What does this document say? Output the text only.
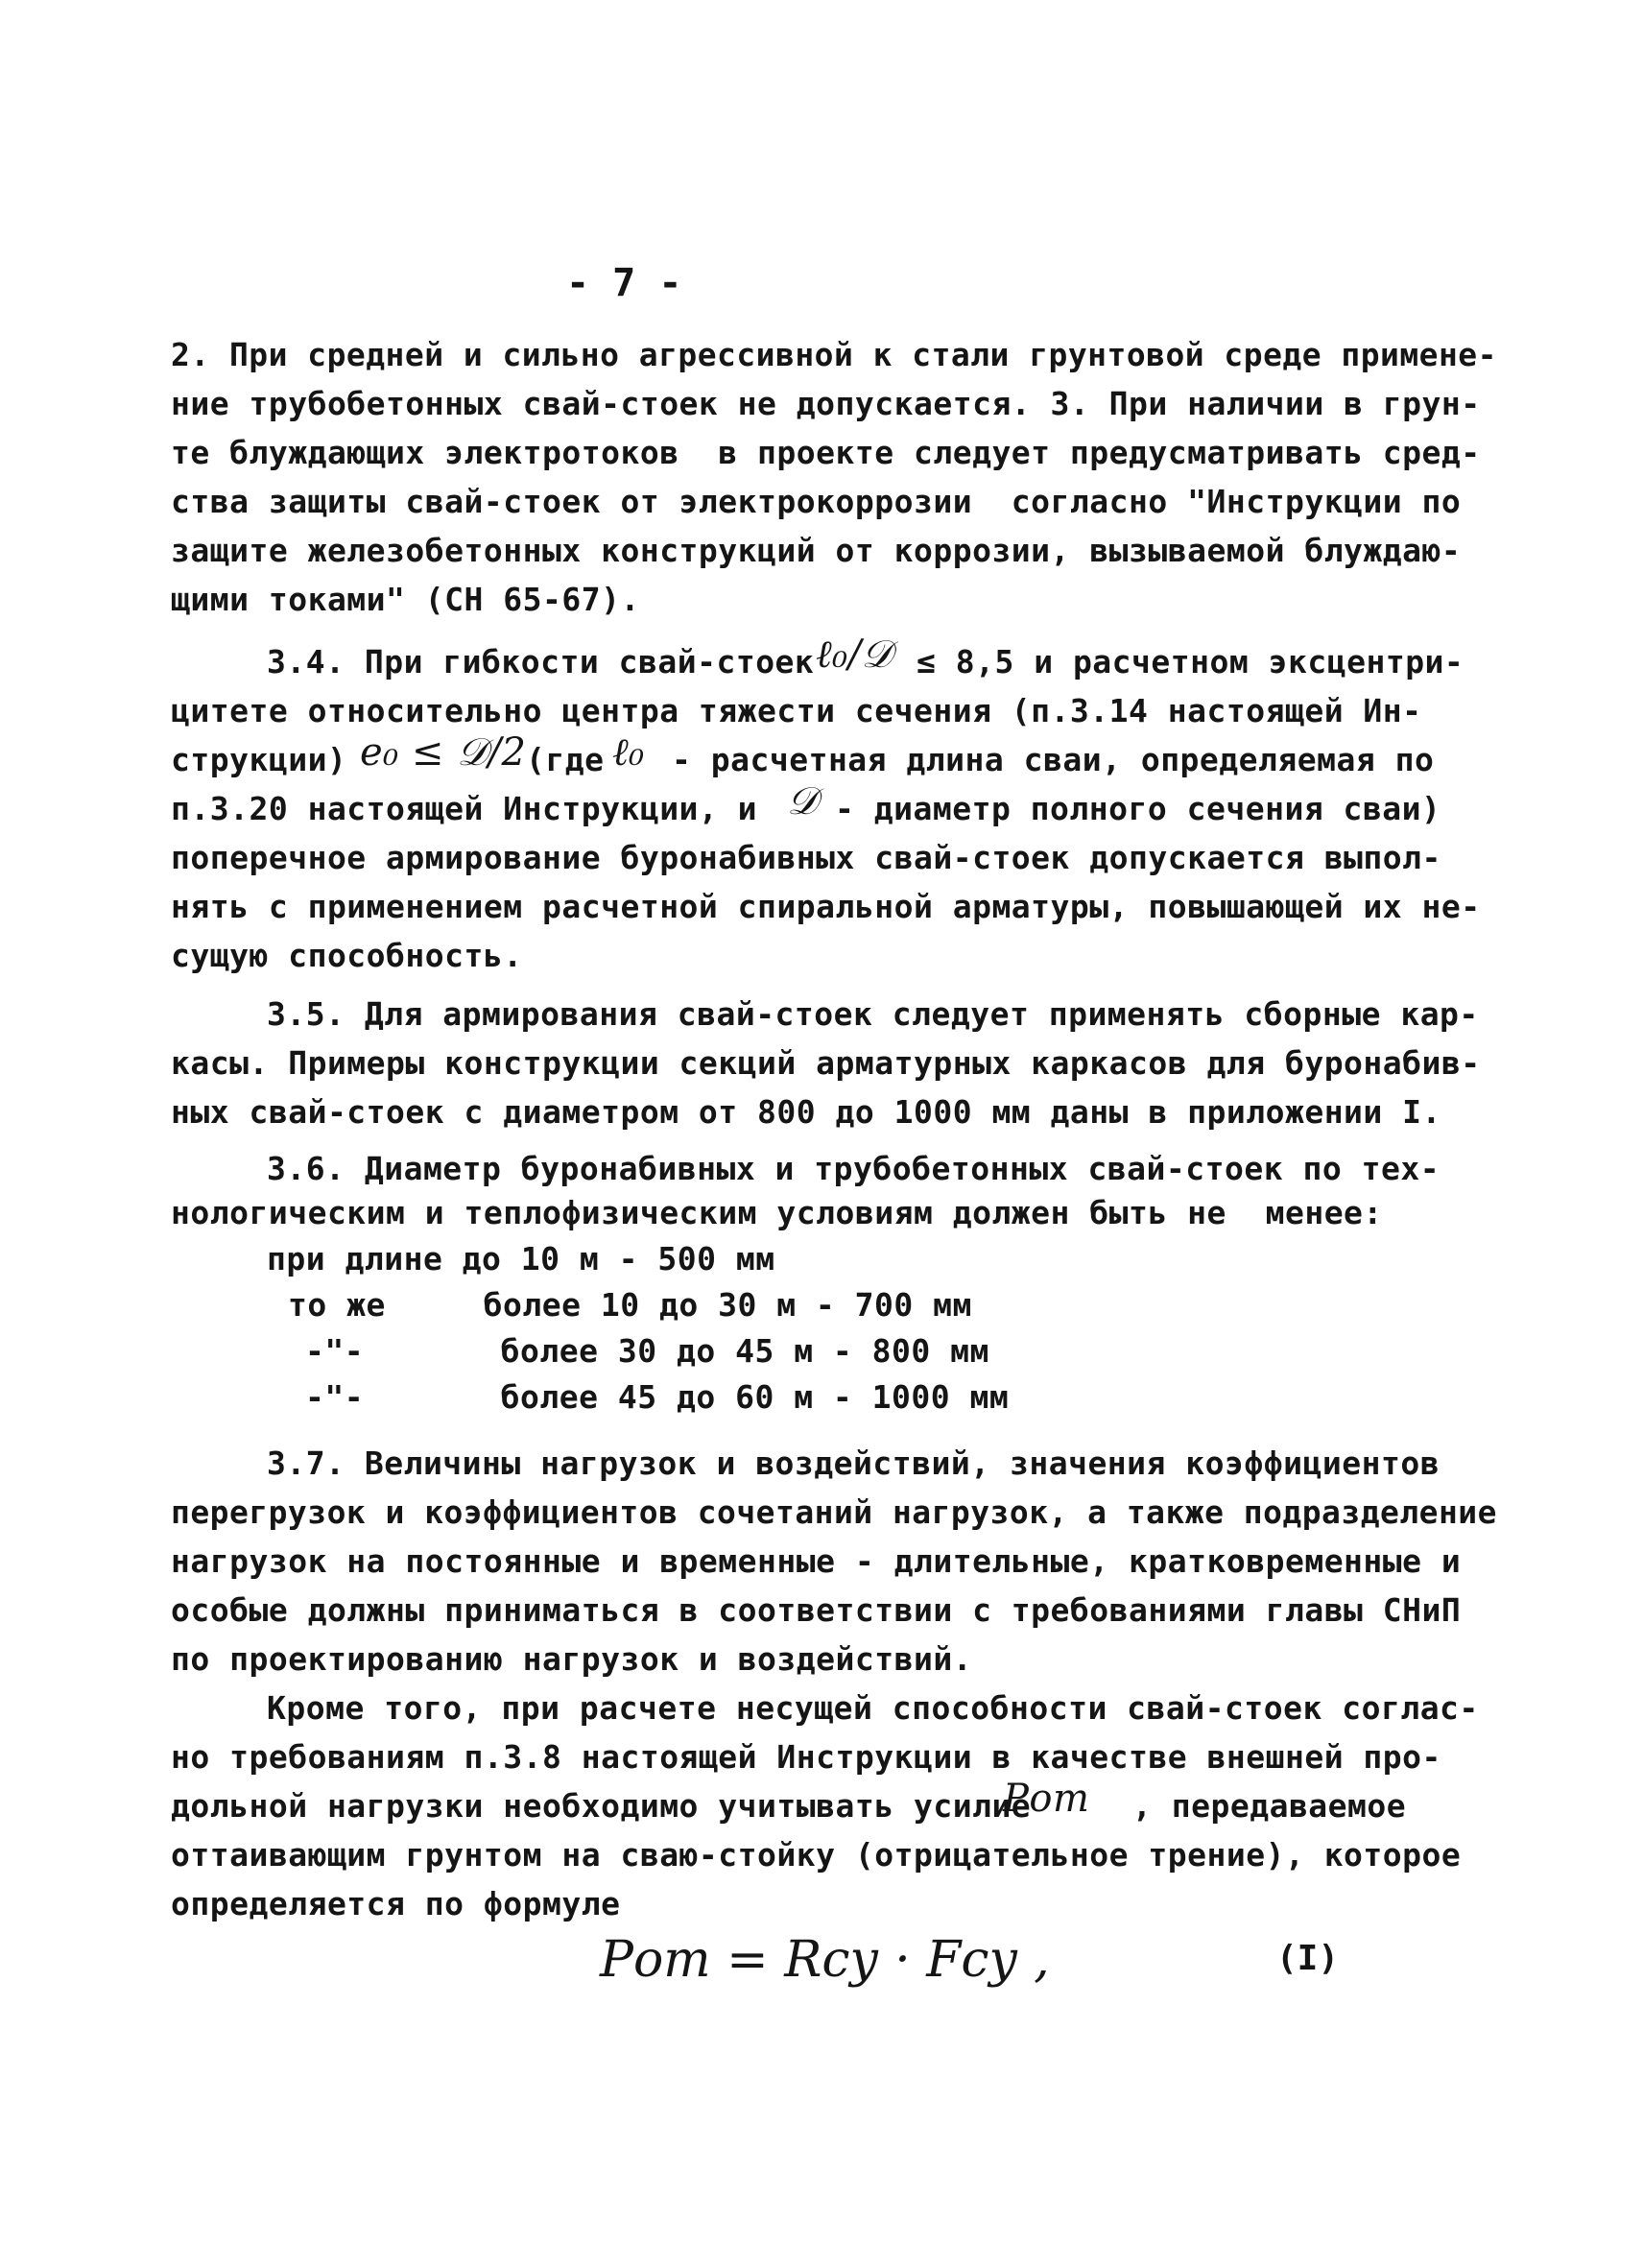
- 7 -
2. При средней и сильно агрессивной к стали грунтовой среде примене-
ние трубобетонных свай-стоек не допускается. 3. При наличии в грун-
те блуждающих электротоков  в проекте следует предусматривать сред-
ства защиты свай-стоек от электрокоррозии  согласно "Инструкции по
защите железобетонных конструкций от коррозии, вызываемой блуждаю-
щими токами" (СН 65-67).
3.4. При гибкости свай-стоек ℓ₀/𝒟 ≤ 8,5 и расчетном эксцентри-
цитете относительно центра тяжести сечения (п.3.14 настоящей Ин-
струкции) e₀ ≤ 𝒟/2 (где ℓ₀ - расчетная длина сваи, определяемая по
п.3.20 настоящей Инструкции, и 𝒟 - диаметр полного сечения сваи)
поперечное армирование буронабивных свай-стоек допускается выпол-
нять с применением расчетной спиральной арматуры, повышающей их не-
сущую способность.
3.5. Для армирования свай-стоек следует применять сборные кар-
касы. Примеры конструкции секций арматурных каркасов для буронабив-
ных свай-стоек с диаметром от 800 до 1000 мм даны в приложении I.
3.6. Диаметр буронабивных и трубобетонных свай-стоек по тех-
нологическим и теплофизическим условиям должен быть не  менее:
при длине до 10 м - 500 мм
то же     более 10 до 30 м - 700 мм
-"-       более 30 до 45 м - 800 мм
-"-       более 45 до 60 м - 1000 мм
3.7. Величины нагрузок и воздействий, значения коэффициентов
перегрузок и коэффициентов сочетаний нагрузок, а также подразделение
нагрузок на постоянные и временные - длительные, кратковременные и
особые должны приниматься в соответствии с требованиями главы СНиП
по проектированию нагрузок и воздействий.
Кроме того, при расчете несущей способности свай-стоек соглас-
но требованиям п.3.8 настоящей Инструкции в качестве внешней про-
дольной нагрузки необходимо учитывать усилие
Pот , передаваемое
оттаивающим грунтом на сваю-стойку (отрицательное трение), которое
определяется по формуле
Pот = Rсу · Fсу ,	(I)
